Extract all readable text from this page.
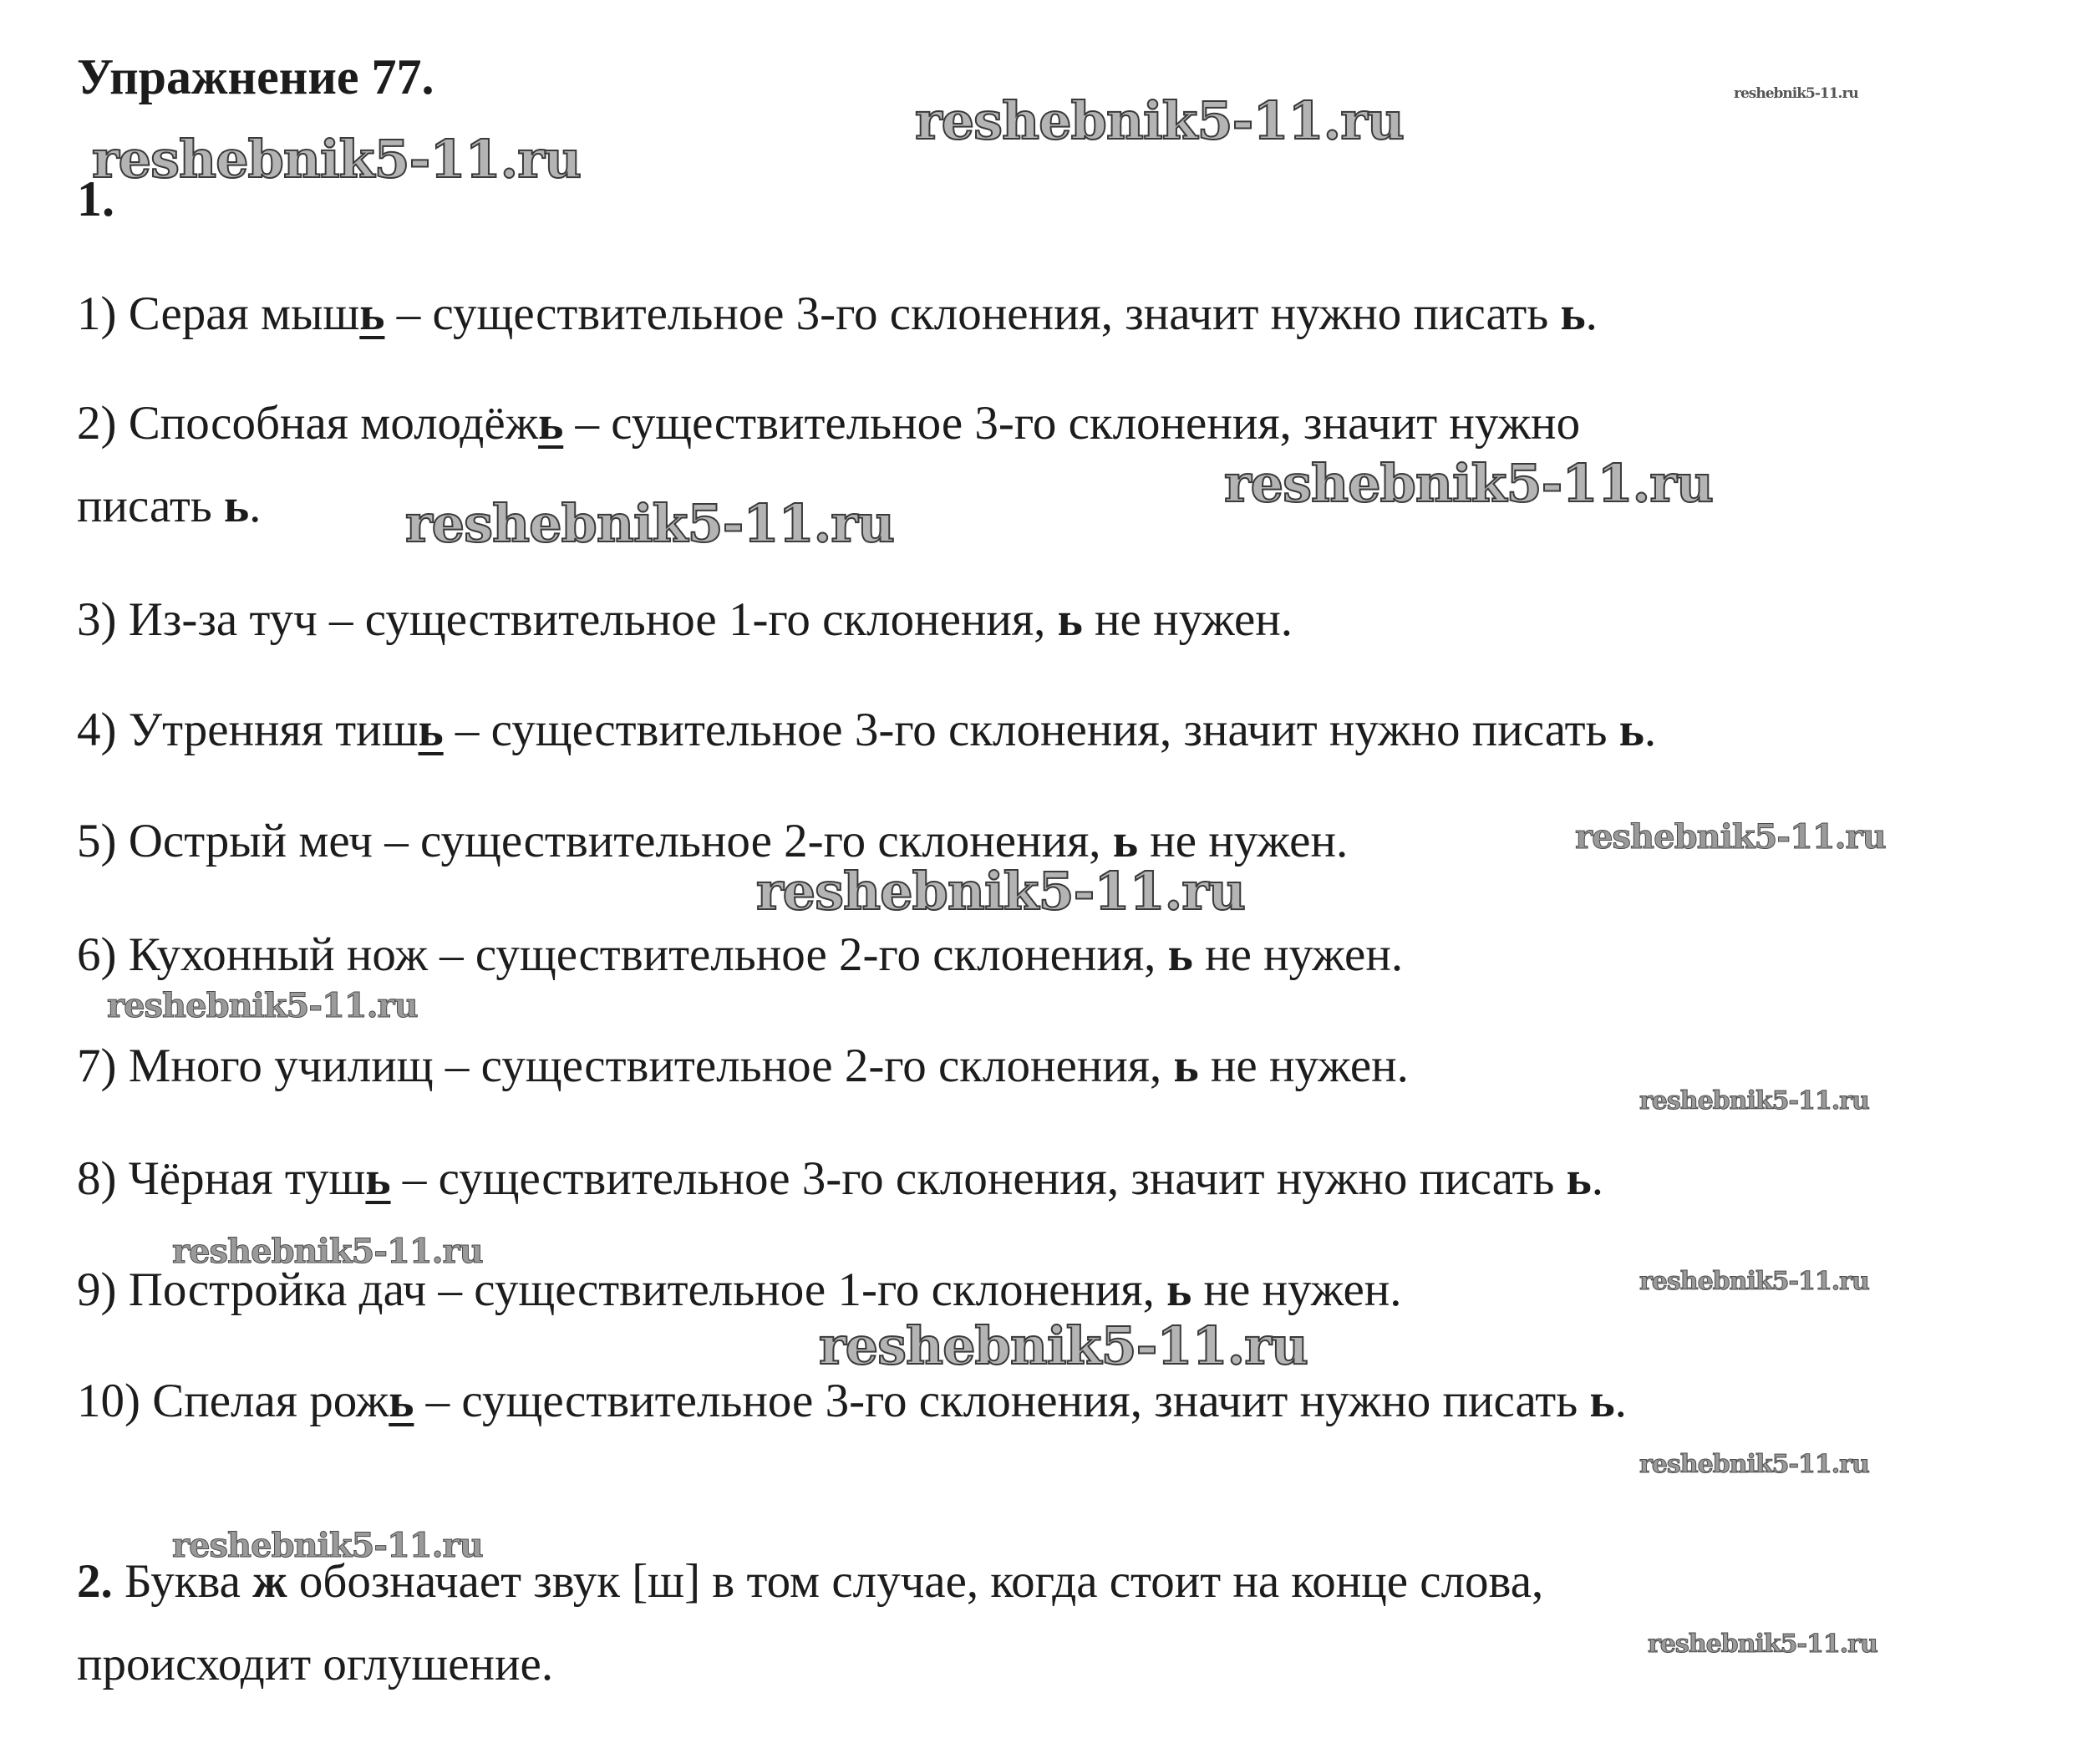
Упражнение 77.
1.
1) Серая мышь – существительное 3-го склонения, значит нужно писать ь.
2) Способная молодёжь – существительное 3-го склонения, значит нужно
писать ь.
3) Из-за туч – существительное 1-го склонения, ь не нужен.
4) Утренняя тишь – существительное 3-го склонения, значит нужно писать ь.
5) Острый меч – существительное 2-го склонения, ь не нужен.
6) Кухонный нож – существительное 2-го склонения, ь не нужен.
7) Много училищ – существительное 2-го склонения, ь не нужен.
8) Чёрная тушь – существительное 3-го склонения, значит нужно писать ь.
9) Постройка дач – существительное 1-го склонения, ь не нужен.
10) Спелая рожь – существительное 3-го склонения, значит нужно писать ь.
2. Буква ж обозначает звук [ш] в том случае, когда стоит на конце слова,
происходит оглушение.
reshebnik5-11.ru
reshebnik5-11.ru	reshebnik5-11.ru
reshebnik5-11.ru
reshebnik5-11.ru
reshebnik5-11.ru
reshebnik5-11.ru
reshebnik5-11.ru
reshebnik5-11.ru
reshebnik5-11.ru
reshebnik5-11.ru
reshebnik5-11.ru
reshebnik5-11.ru
reshebnik5-11.ru
reshebnik5-11.ru
